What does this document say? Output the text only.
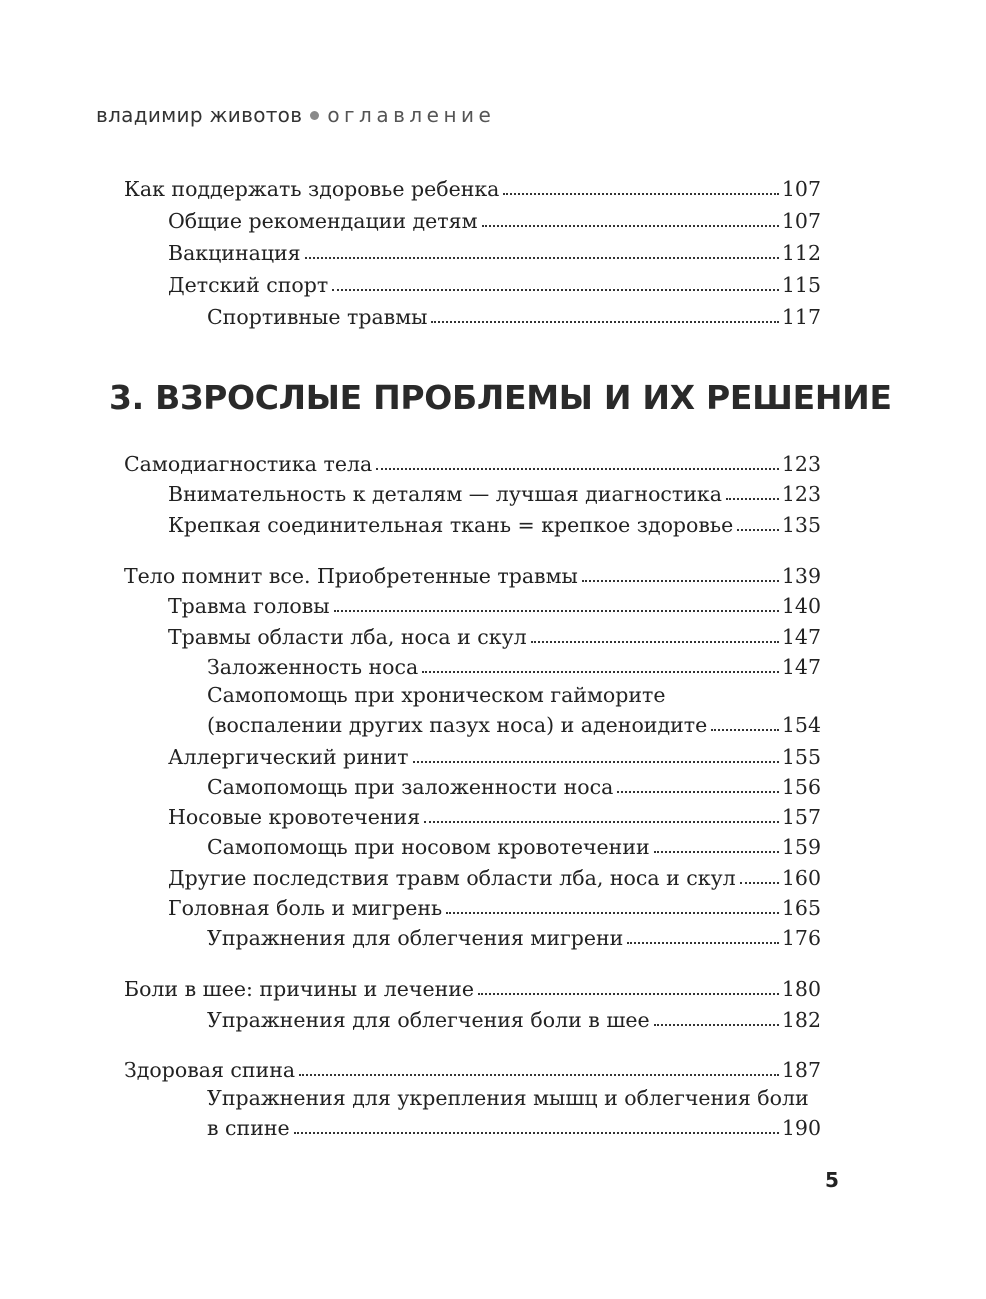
владимир животов оглавление
Как поддержать здоровье ребенка	107
Общие рекомендации детям	107
Вакцинация	112
Детский спорт	115
Спортивные травмы	117
3. ВЗРОСЛЫЕ ПРОБЛЕМЫ И ИХ РЕШЕНИЕ
Самодиагностика тела	123
Внимательность к деталям — лучшая диагностика	123
Крепкая соединительная ткань = крепкое здоровье 135
Тело помнит все. Приобретенные травмы	139
Травма головы	140
Травмы области лба, носа и скул	147
Заложенность носа	147
Самопомощь при хроническом гайморите
(воспалении других пазух носа) и аденоидите	154
Аллергический ринит	155
Самопомощь при заложенности носа	156
Носовые кровотечения	157
Самопомощь при носовом кровотечении	159
Другие последствия травм области лба, носа и скул 160
Головная боль и мигрень	165
Упражнения для облегчения мигрени	176
Боли в шее: причины и лечение	180
Упражнения для облегчения боли в шее	182
Здоровая спина	187
Упражнения для укрепления мышц и облегчения боли
в спине	190
5
